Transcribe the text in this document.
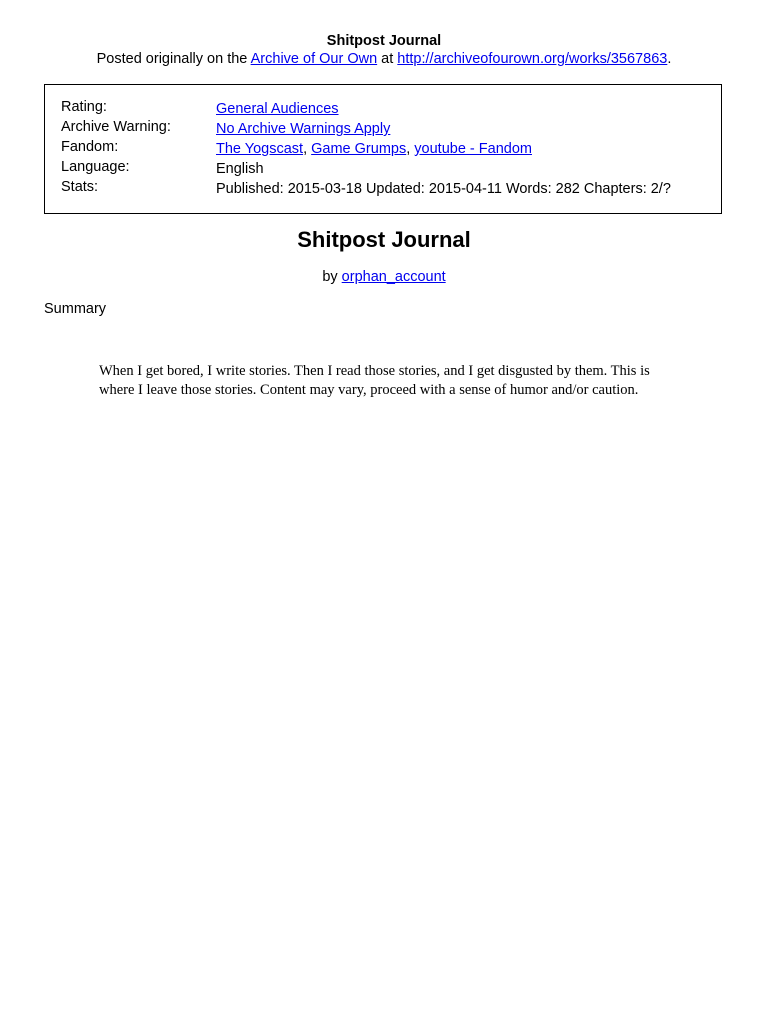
Shitpost Journal
Posted originally on the Archive of Our Own at http://archiveofourown.org/works/3567863.
Rating:	General Audiences
Archive Warning:	No Archive Warnings Apply
Fandom:	The Yogscast, Game Grumps, youtube - Fandom
Language:	English
Stats:	Published: 2015-03-18 Updated: 2015-04-11 Words: 282 Chapters: 2/?
Shitpost Journal
by orphan_account
Summary
When I get bored, I write stories. Then I read those stories, and I get disgusted by them. This is where I leave those stories. Content may vary, proceed with a sense of humor and/or caution.
